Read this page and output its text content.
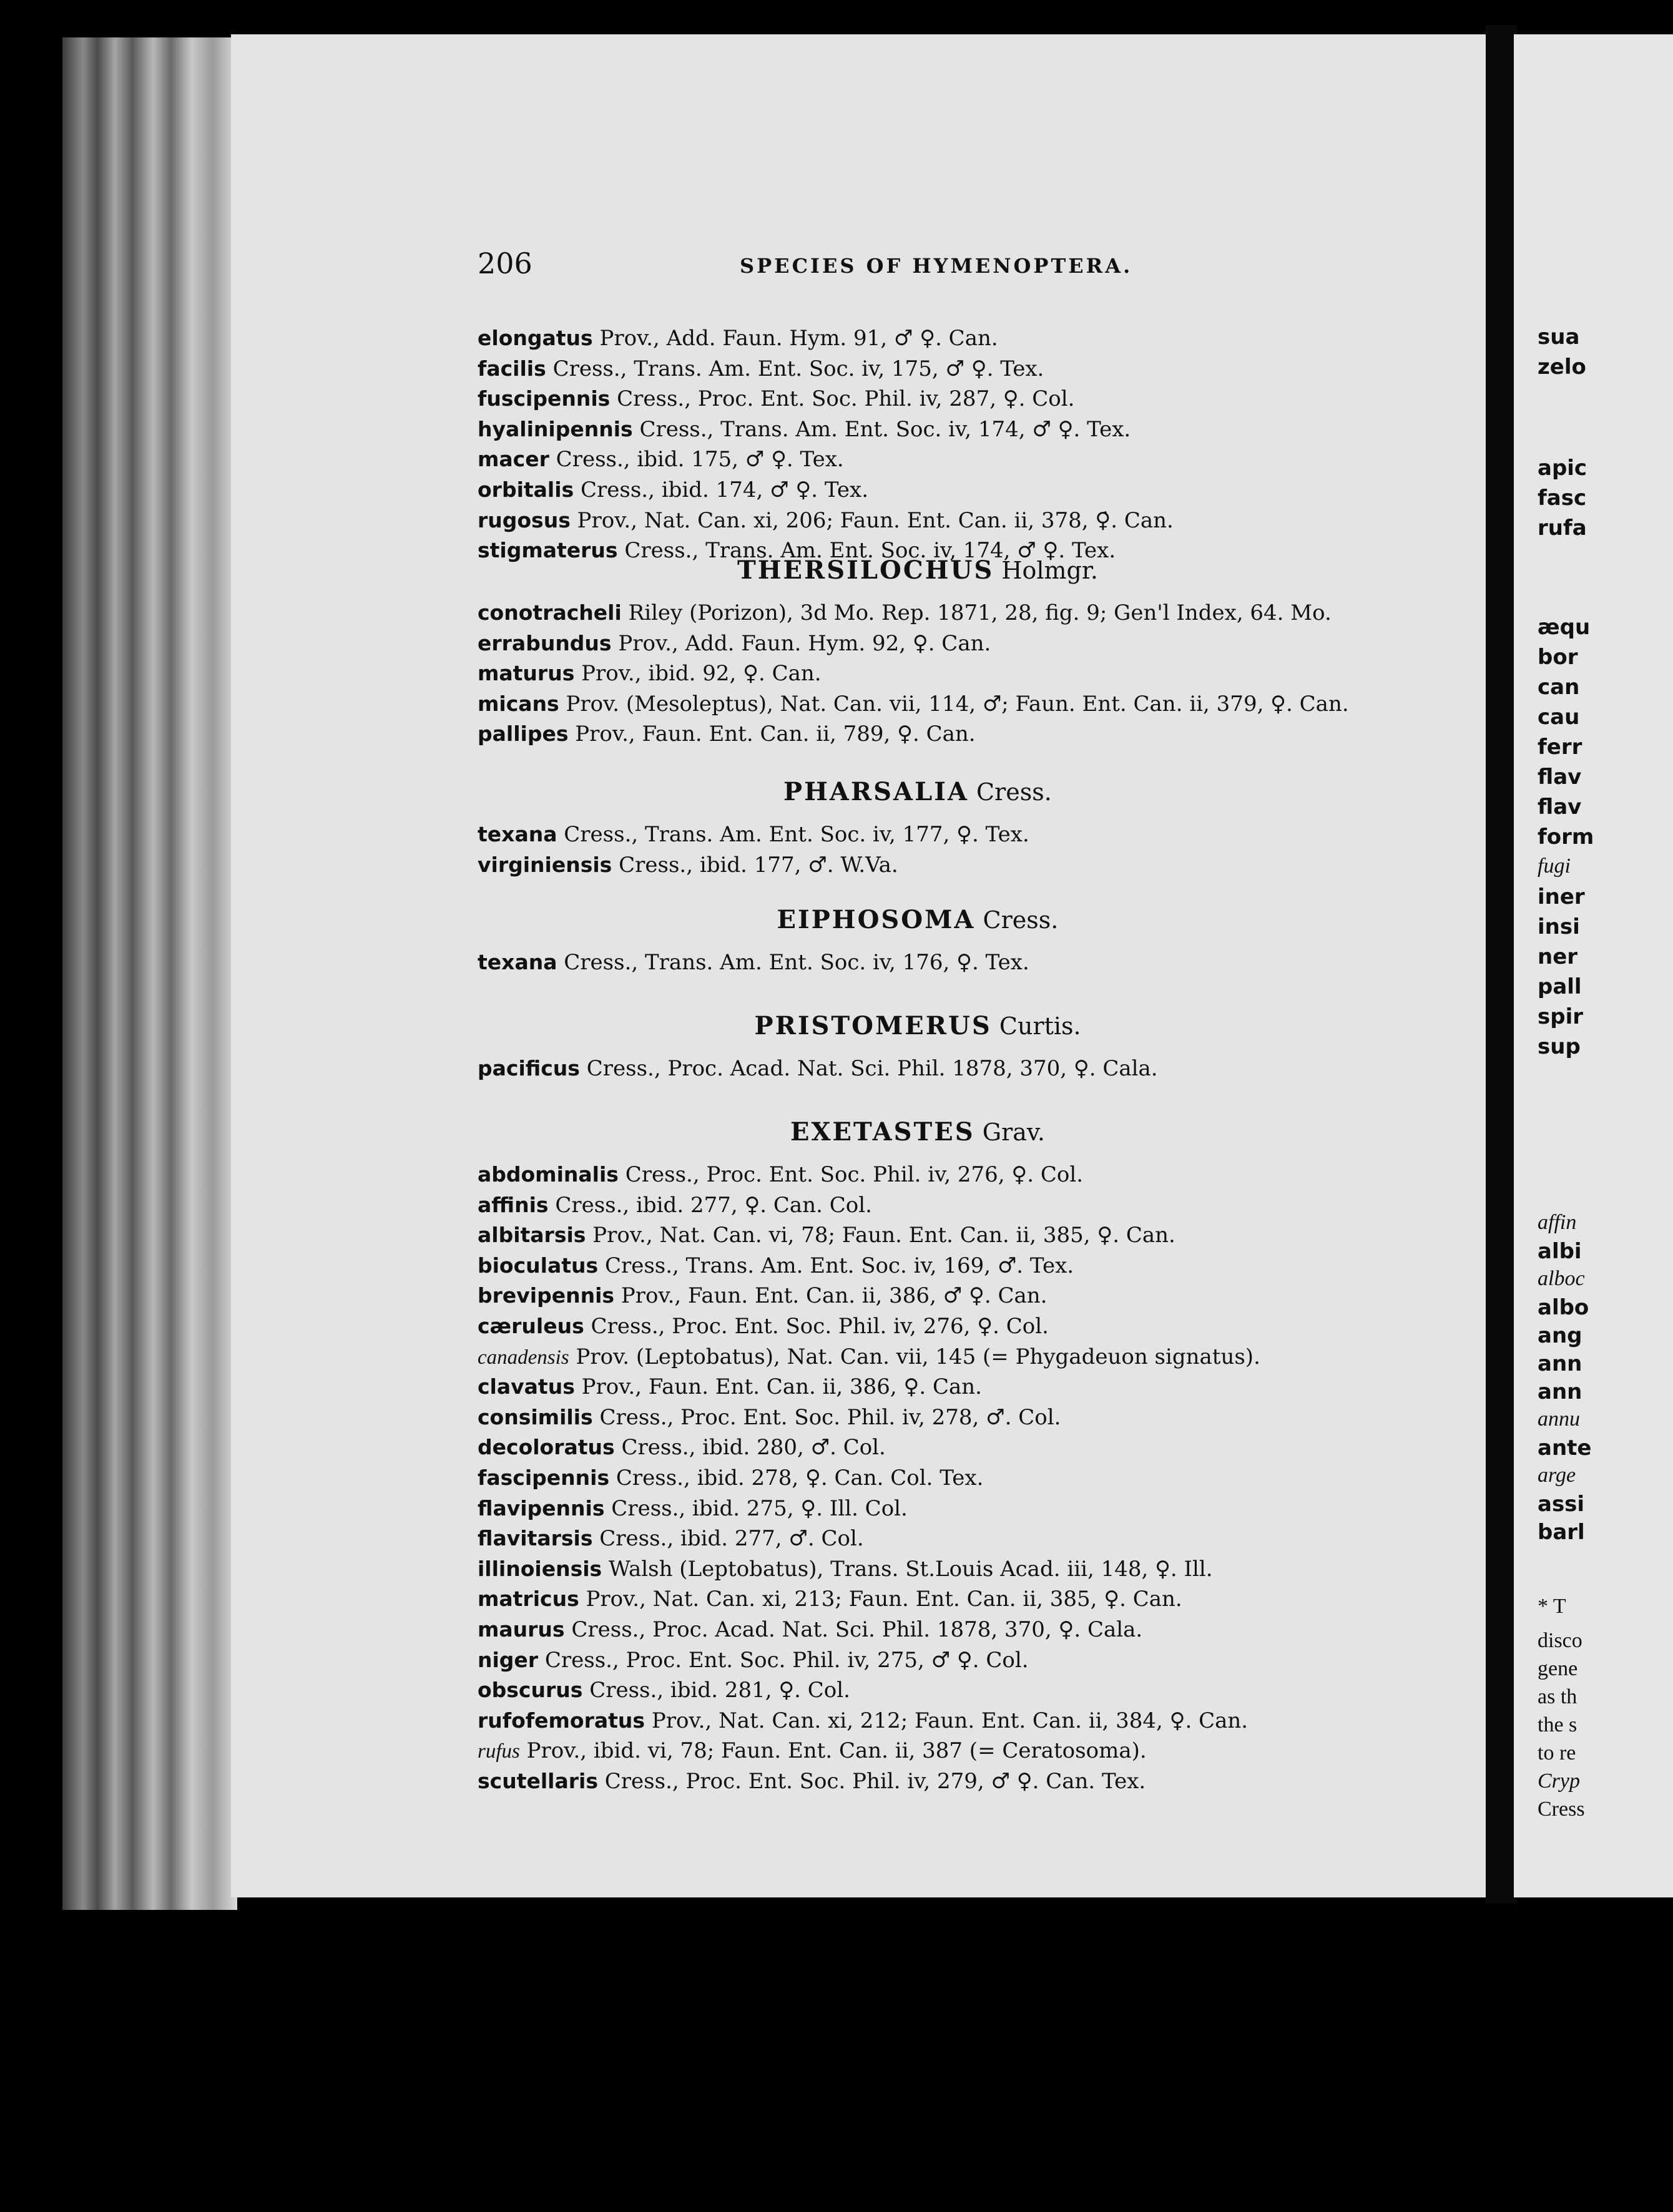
sua
zelo
apic
fasc
rufa
æqu
bor
can
cau
ferr
flav
flav
form
fugi
iner
insi
ner
pall
spir
sup
affin
albi
alboc
albo
ang
ann
ann
annu
ante
arge
assi
barl
* T
disco
gene
as th
the s
to re
Cryp
Cress
206	SPECIES OF HYMENOPTERA.
elongatus Prov., Add. Faun. Hym. 91, ♂ ♀. Can.
facilis Cress., Trans. Am. Ent. Soc. iv, 175, ♂ ♀. Tex.
fuscipennis Cress., Proc. Ent. Soc. Phil. iv, 287, ♀. Col.
hyalinipennis Cress., Trans. Am. Ent. Soc. iv, 174, ♂ ♀. Tex.
macer Cress., ibid. 175, ♂ ♀. Tex.
orbitalis Cress., ibid. 174, ♂ ♀. Tex.
rugosus Prov., Nat. Can. xi, 206; Faun. Ent. Can. ii, 378, ♀̇. Can.
stigmaterus Cress., Trans. Am. Ent. Soc. iv, 174, ♂ ♀. Tex.
THERSILOCHUS Holmgr.
conotracheli Riley (Porizon), 3d Mo. Rep. 1871, 28, fig. 9; Gen'l Index, 64. Mo.
errabundus Prov., Add. Faun. Hym. 92, ♀. Can.
maturus Prov., ibid. 92, ♀. Can.
micans Prov. (Mesoleptus), Nat. Can. vii, 114, ♂; Faun. Ent. Can. ii, 379, ♀. Can.
pallipes Prov., Faun. Ent. Can. ii, 789, ♀. Can.
PHARSALIA Cress.
texana Cress., Trans. Am. Ent. Soc. iv, 177, ♀. Tex.
virginiensis Cress., ibid. 177, ♂. W.Va.
EIPHOSOMA Cress.
texana Cress., Trans. Am. Ent. Soc. iv, 176, ♀. Tex.
PRISTOMERUS Curtis.
pacificus Cress., Proc. Acad. Nat. Sci. Phil. 1878, 370, ♀. Cala.
EXETASTES Grav.
abdominalis Cress., Proc. Ent. Soc. Phil. iv, 276, ♀. Col.
affinis Cress., ibid. 277, ♀. Can. Col.
albitarsis Prov., Nat. Can. vi, 78; Faun. Ent. Can. ii, 385, ♀. Can.
bioculatus Cress., Trans. Am. Ent. Soc. iv, 169, ♂. Tex.
brevipennis Prov., Faun. Ent. Can. ii, 386, ♂ ♀. Can.
cæruleus Cress., Proc. Ent. Soc. Phil. iv, 276, ♀. Col.
canadensis Prov. (Leptobatus), Nat. Can. vii, 145 (= Phygadeuon signatus).
clavatus Prov., Faun. Ent. Can. ii, 386, ♀. Can.
consimilis Cress., Proc. Ent. Soc. Phil. iv, 278, ♂. Col.
decoloratus Cress., ibid. 280, ♂. Col.
fascipennis Cress., ibid. 278, ♀. Can. Col. Tex.
flavipennis Cress., ibid. 275, ♀. Ill. Col.
flavitarsis Cress., ibid. 277, ♂. Col.
illinoiensis Walsh (Leptobatus), Trans. St.Louis Acad. iii, 148, ♀. Ill.
matricus Prov., Nat. Can. xi, 213; Faun. Ent. Can. ii, 385, ♀. Can.
maurus Cress., Proc. Acad. Nat. Sci. Phil. 1878, 370, ♀. Cala.
niger Cress., Proc. Ent. Soc. Phil. iv, 275, ♂ ♀. Col.
obscurus Cress., ibid. 281, ♀. Col.
rufofemoratus Prov., Nat. Can. xi, 212; Faun. Ent. Can. ii, 384, ♀. Can.
rufus Prov., ibid. vi, 78; Faun. Ent. Can. ii, 387 (= Ceratosoma).
scutellaris Cress., Proc. Ent. Soc. Phil. iv, 279, ♂ ♀. Can. Tex.
